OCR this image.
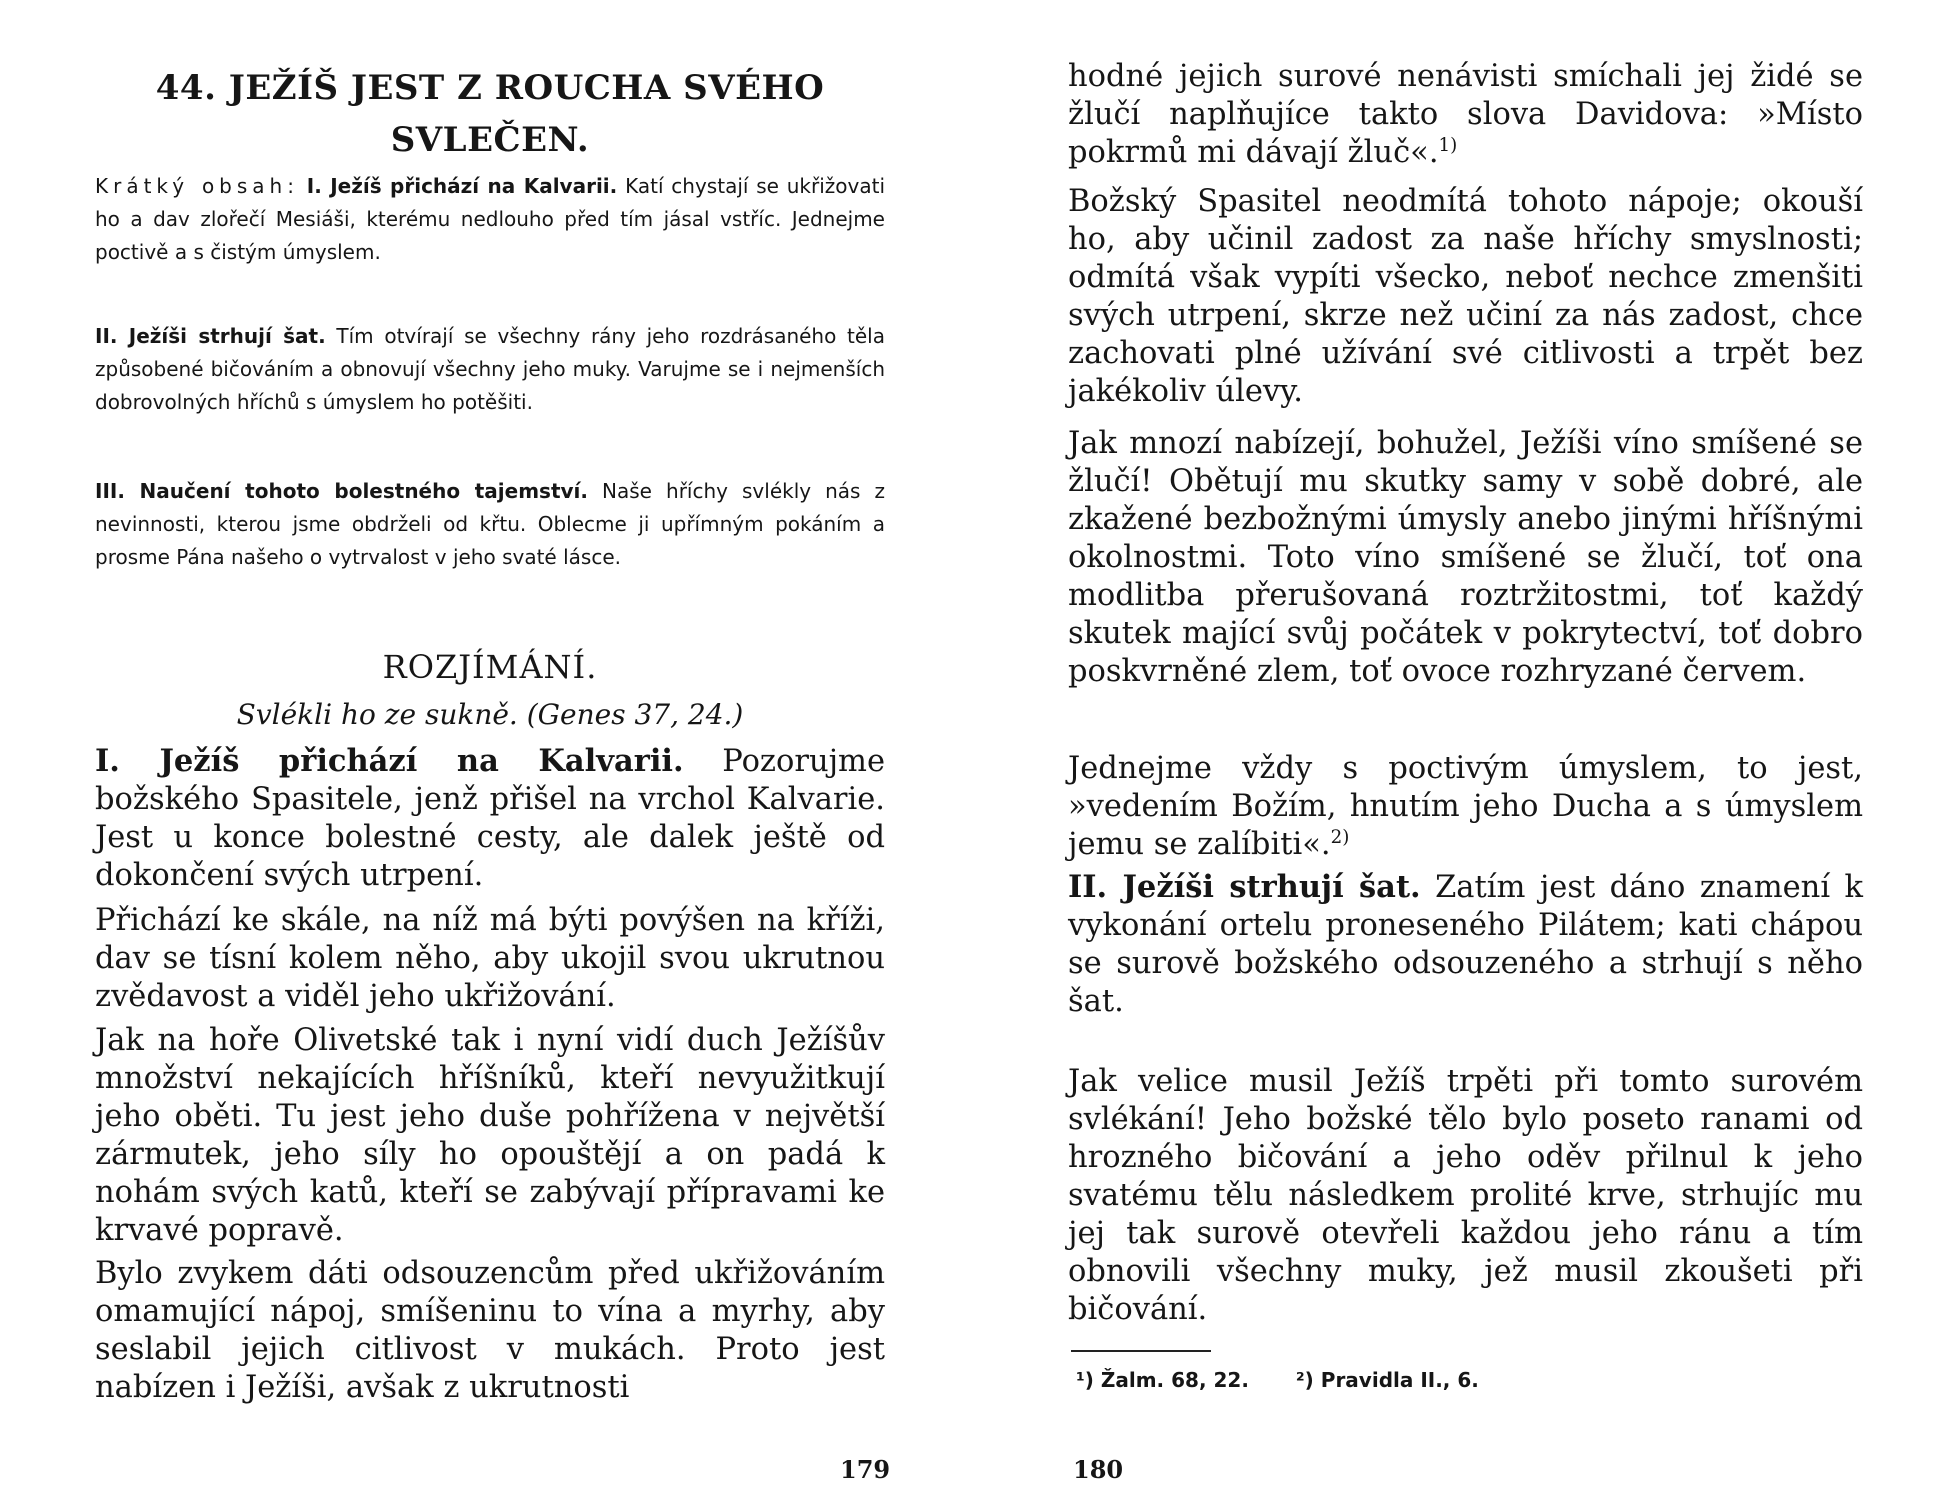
44. JEŽÍŠ JEST Z ROUCHA SVÉHO SVLEČEN.

Krátký obsah: I. Ježíš přichází na Kalvarii. Katí chystají se ukřižovati ho a dav zlořečí Mesiáši, kterému nedlouho před tím jásal vstříc. Jednejme poctivě a s čistým úmyslem.

II. Ježíši strhují šat. Tím otvírají se všechny rány jeho rozdrásaného těla způsobené bičováním a obnovují všechny jeho muky. Varujme se i nejmenších dobrovolných hříchů s úmyslem ho potěšiti.

III. Naučení tohoto bolestného tajemství. Naše hříchy svlékly nás z nevinnosti, kterou jsme obdrželi od křtu. Oblecme ji upřímným pokáním a prosme Pána našeho o vytrvalost v jeho svaté lásce.

ROZJÍMÁNÍ.
Svlékli ho ze sukně. (Genes 37, 24.)

I. Ježíš přichází na Kalvarii. Pozorujme božského Spasitele, jenž přišel na vrchol Kalvarie. Jest u konce bolestné cesty, ale dalek ještě od dokončení svých utrpení.

Přichází ke skále, na níž má býti povýšen na kříži, dav se tísní kolem něho, aby ukojil svou ukrutnou zvědavost a viděl jeho ukřižování.

Jak na hoře Olivetské tak i nyní vidí duch Ježíšův množství nekajících hříšníků, kteří nevyužitkují jeho oběti. Tu jest jeho duše pohřížena v největší zármutek, jeho síly ho opouštějí a on padá k nohám svých katů, kteří se zabývají přípravami ke krvavé popravě.

Bylo zvykem dáti odsouzencům před ukřižováním omamující nápoj, smíšeninu to vína a myrhy, aby seslabil jejich citlivost v mukách. Proto jest nabízen i Ježíši, avšak z ukrutnosti

179

hodné jejich surové nenávisti smíchali jej židé se žlučí naplňujíce takto slova Davidova: »Místo pokrmů mi dávají žluč«.$^{1)}$

Božský Spasitel neodmítá tohoto nápoje; okouší ho, aby učinil zadost za naše hříchy smyslnosti; odmítá však vypíti všecko, neboť nechce zmenšiti svých utrpení, skrze než učiní za nás zadost, chce zachovati plné užívání své citlivosti a trpět bez jakékoliv úlevy.

Jak mnozí nabízejí, bohužel, Ježíši víno smíšené se žlučí! Obětují mu skutky samy v sobě dobré, ale zkažené bezbožnými úmysly anebo jinými hříšnými okolnostmi. Toto víno smíšené se žlučí, toť ona modlitba přerušovaná roztržitostmi, toť každý skutek mající svůj počátek v pokrytectví, toť dobro poskvrněné zlem, toť ovoce rozhryzané červem.

Jednejme vždy s poctivým úmyslem, to jest, »vedením Božím, hnutím jeho Ducha a s úmyslem jemu se zalíbiti«.$^{2)}$

II. Ježíši strhují šat. Zatím jest dáno znamení k vykonání ortelu proneseného Pilátem; kati chápou se surově božského odsouzeného a strhují s něho šat.

Jak velice musil Ježíš trpěti při tomto surovém svlékání! Jeho božské tělo bylo poseto ranami od hrozného bičování a jeho oděv přilnul k jeho svatému tělu následkem prolité krve, strhujíc mu jej tak surově otevřeli každou jeho ránu a tím obnovili všechny muky, jež musil zkoušeti při bičování.

¹) Žalm. 68, 22. ²) Pravidla II., 6.
180
